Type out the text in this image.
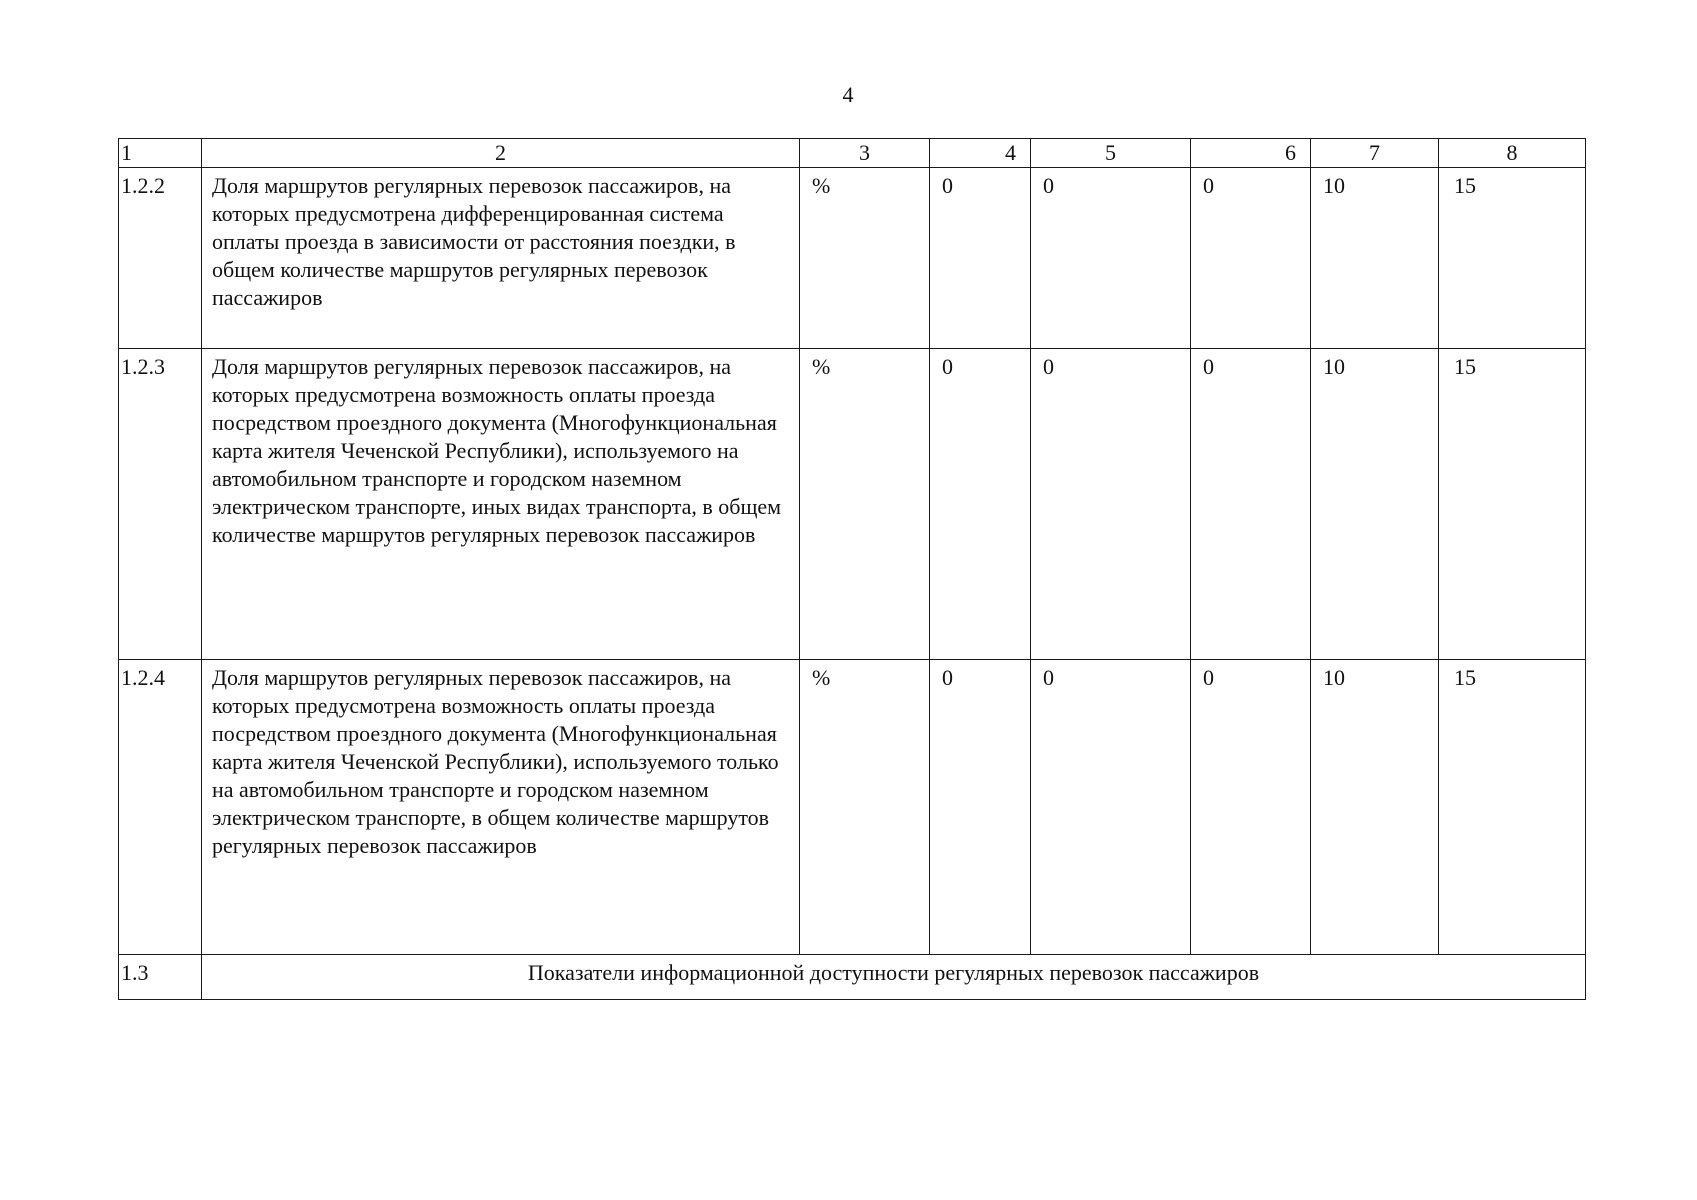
4
1	2	3	4	5	6	7	8
1.2.2	Доля маршрутов регулярных перевозок пассажиров, на которых предусмотрена дифференцированная система оплаты проезда в зависимости от расстояния поездки, в общем количестве маршрутов регулярных перевозок пассажиров	%	0	0	0	10	15
1.2.3	Доля маршрутов регулярных перевозок пассажиров, на которых предусмотрена возможность оплаты проезда посредством проездного документа (Многофункциональная карта жителя Чеченской Республики), используемого на автомобильном транспорте и городском наземном электрическом транспорте, иных видах транспорта, в общем количестве маршрутов регулярных перевозок пассажиров	%	0	0	0	10	15
1.2.4	Доля маршрутов регулярных перевозок пассажиров, на которых предусмотрена возможность оплаты проезда посредством проездного документа (Многофункциональная карта жителя Чеченской Республики), используемого только на автомобильном транспорте и городском наземном электрическом транспорте, в общем количестве маршрутов регулярных перевозок пассажиров	%	0	0	0	10	15
1.3	Показатели информационной доступности регулярных перевозок пассажиров						
